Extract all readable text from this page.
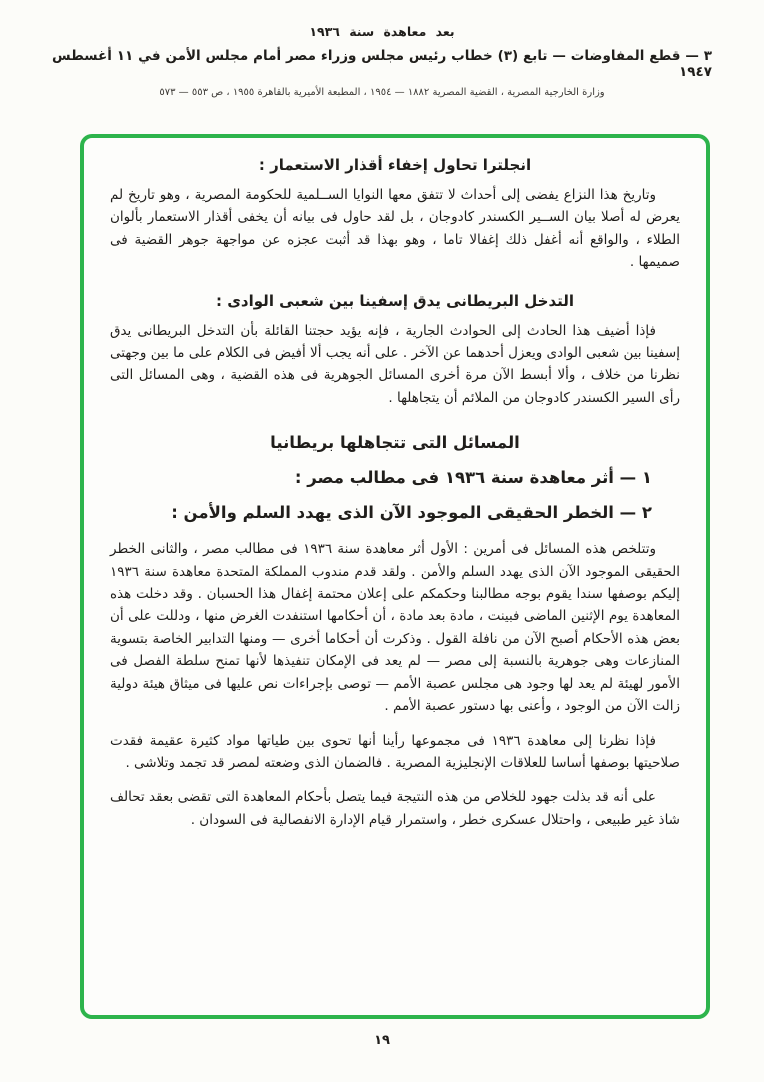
بعد معاهدة سنة ١٩٣٦
٣ — قطع المفاوضات — تابع (٣) خطاب رئيس مجلس وزراء مصر أمام مجلس الأمن في ١١ أغسطس ١٩٤٧
وزارة الخارجية المصرية ، القضية المصرية ١٨٨٢ — ١٩٥٤ ، المطبعة الأميرية بالقاهرة ١٩٥٥ ، ص ٥٥٣ — ٥٧٣
انجلترا تحاول إخفاء أقذار الاستعمار :

وتاريخ هذا النزاع يفضى إلى أحداث لا تتفق معها النوايا الســلمية للحكومة المصرية ، وهو تاريخ لم يعرض له أصلا بيان الســير الكسندر كادوجان ، بل لقد حاول فى بيانه أن يخفى أقذار الاستعمار بألوان الطلاء ، والواقع أنه أغفل ذلك إغفالا تاما ، وهو بهذا قد أثبت عجزه عن مواجهة جوهر القضية فى صميمها .

التدخل البريطانى يدق إسفينا بين شعبى الوادى :

فإذا أضيف هذا الحادث إلى الحوادث الجارية ، فإنه يؤيد حجتنا القائلة بأن التدخل البريطانى يدق إسفينا بين شعبى الوادى ويعزل أحدهما عن الآخر . على أنه يجب ألا أفيض فى الكلام على ما بين وجهتى نظرنا من خلاف ، وألا أبسط الآن مرة أخرى المسائل الجوهرية فى هذه القضية ، وهى المسائل التى رأى السير الكسندر كادوجان من الملائم أن يتجاهلها .

المسائل التى تتجاهلها بريطانيا
١ — أثر معاهدة سنة ١٩٣٦ فى مطالب مصر :
٢ — الخطر الحقيقى الموجود الآن الذى يهدد السلم والأمن :

وتتلخص هذه المسائل فى أمرين : الأول أثر معاهدة سنة ١٩٣٦ فى مطالب مصر ، والثانى الخطر الحقيقى الموجود الآن الذى يهدد السلم والأمن . ولقد قدم مندوب المملكة المتحدة معاهدة سنة ١٩٣٦ إليكم بوصفها سندا يقوم بوجه مطالبنا وحكمكم على إعلان محتمة إغفال هذا الحسبان . وقد دخلت هذه المعاهدة يوم الإثنين الماضى فبينت ، مادة بعد مادة ، أن أحكامها استنفدت الغرض منها ، ودللت على أن بعض هذه الأحكام أصبح الآن من نافلة القول . وذكرت أن أحكاما أخرى — ومنها التدابير الخاصة بتسوية المنازعات وهى جوهرية بالنسبة إلى مصر — لم يعد فى الإمكان تنفيذها لأنها تمنح سلطة الفصل فى الأمور لهيئة لم يعد لها وجود هى مجلس عصبة الأمم — توصى بإجراءات نص عليها فى ميثاق هيئة دولية زالت الآن من الوجود ، وأعنى بها دستور عصبة الأمم .

فإذا نظرنا إلى معاهدة ١٩٣٦ فى مجموعها رأينا أنها تحوى بين طياتها مواد كثيرة عقيمة فقدت صلاحيتها بوصفها أساسا للعلاقات الإنجليزية المصرية . فالضمان الذى وضعته لمصر قد تجمد وتلاشى .

على أنه قد بذلت جهود للخلاص من هذه النتيجة فيما يتصل بأحكام المعاهدة التى تقضى بعقد تحالف شاذ غير طبيعى ، واحتلال عسكرى خطر ، واستمرار قيام الإدارة الانفصالية فى السودان .

١٩
